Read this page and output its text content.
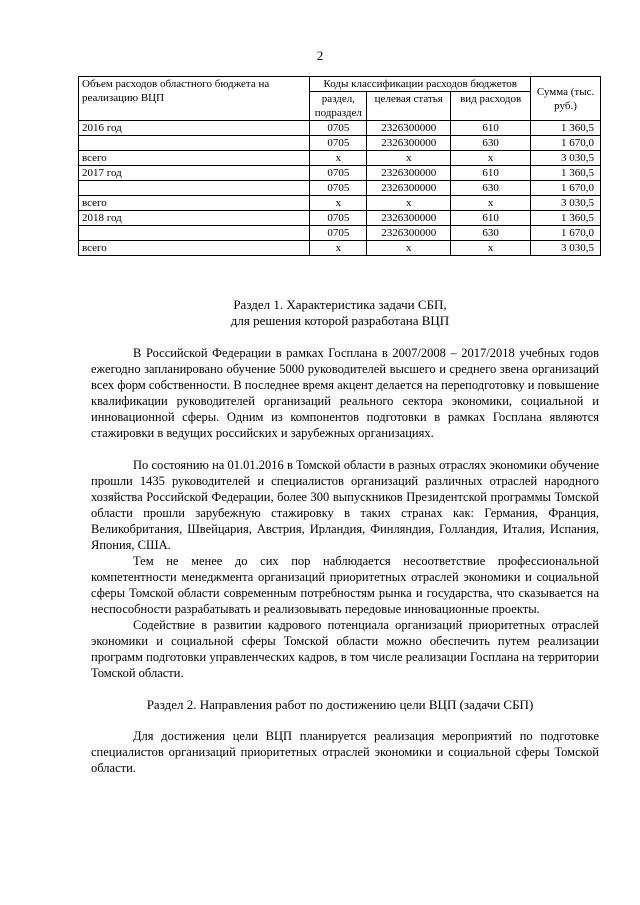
2
Объем расходов областного бюджета на реализацию ВЦП	Коды классификации расходов бюджетов			Сумма (тыс. руб.)
	раздел, подраздел	целевая статья	вид расходов	
2016 год	0705	2326300000	610	1 360,5
	0705	2326300000	630	1 670,0
всего	х	х	х	3 030,5
2017 год	0705	2326300000	610	1 360,5
	0705	2326300000	630	1 670,0
всего	х	х	х	3 030,5
2018 год	0705	2326300000	610	1 360,5
	0705	2326300000	630	1 670,0
всего	х	х	х	3 030,5
Раздел 1. Характеристика задачи СБП,
для решения которой разработана ВЦП

В Российской Федерации в рамках Госплана в 2007/2008 – 2017/2018 учебных годов ежегодно запланировано обучение 5000 руководителей высшего и среднего звена организаций всех форм собственности. В последнее время акцент делается на переподготовку и повышение квалификации руководителей организаций реального сектора экономики, социальной и инновационной сферы. Одним из компонентов подготовки в рамках Госплана являются стажировки в ведущих российских и зарубежных организациях.

По состоянию на 01.01.2016 в Томской области в разных отраслях экономики обучение прошли 1435 руководителей и специалистов организаций различных отраслей народного хозяйства Российской Федерации, более 300 выпускников Президентской программы Томской области прошли зарубежную стажировку в таких странах как: Германия, Франция, Великобритания, Швейцария, Австрия, Ирландия, Финляндия, Голландия, Италия, Испания, Япония, США.

Тем не менее до сих пор наблюдается несоответствие профессиональной компетентности менеджмента организаций приоритетных отраслей экономики и социальной сферы Томской области современным потребностям рынка и государства, что сказывается на неспособности разрабатывать и реализовывать передовые инновационные проекты.

Содействие в развитии кадрового потенциала организаций приоритетных отраслей экономики и социальной сферы Томской области можно обеспечить путем реализации программ подготовки управленческих кадров, в том числе реализации Госплана на территории Томской области.

Раздел 2. Направления работ по достижению цели ВЦП (задачи СБП)

Для достижения цели ВЦП планируется реализация мероприятий по подготовке специалистов организаций приоритетных отраслей экономики и социальной сферы Томской области.
